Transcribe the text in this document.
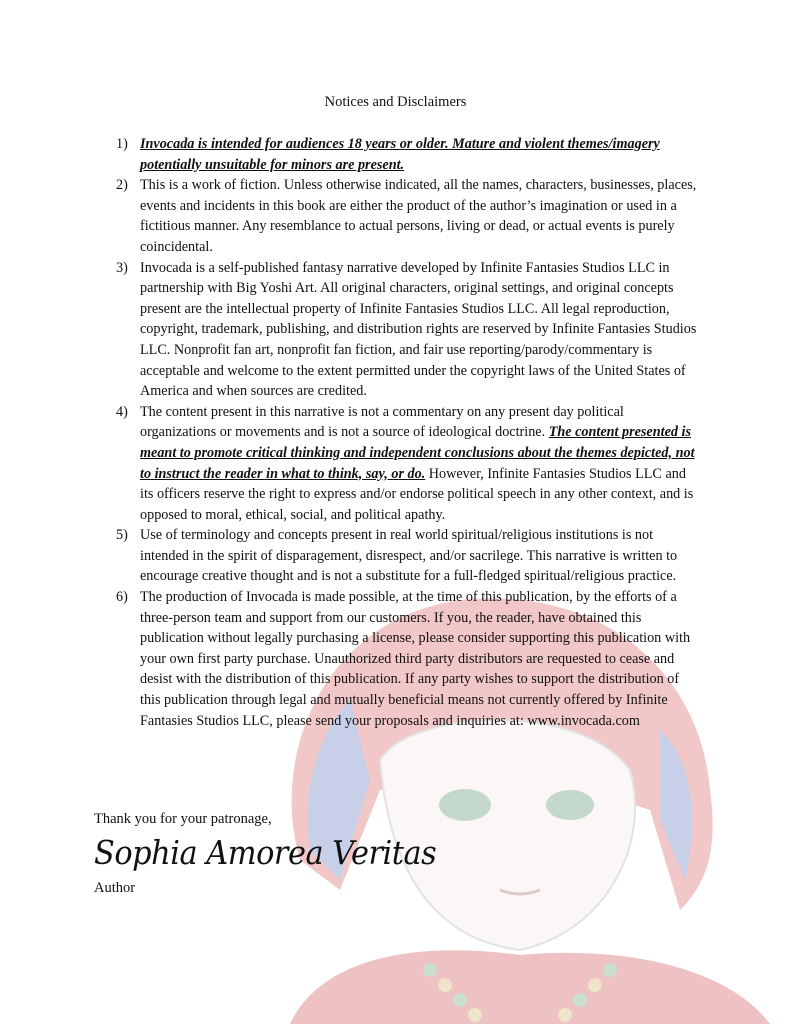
Notices and Disclaimers
1) Invocada is intended for audiences 18 years or older. Mature and violent themes/imagery potentially unsuitable for minors are present.
2) This is a work of fiction. Unless otherwise indicated, all the names, characters, businesses, places, events and incidents in this book are either the product of the author’s imagination or used in a fictitious manner. Any resemblance to actual persons, living or dead, or actual events is purely coincidental.
3) Invocada is a self-published fantasy narrative developed by Infinite Fantasies Studios LLC in partnership with Big Yoshi Art. All original characters, original settings, and original concepts present are the intellectual property of Infinite Fantasies Studios LLC. All legal reproduction, copyright, trademark, publishing, and distribution rights are reserved by Infinite Fantasies Studios LLC. Nonprofit fan art, nonprofit fan fiction, and fair use reporting/parody/commentary is acceptable and welcome to the extent permitted under the copyright laws of the United States of America and when sources are credited.
4) The content present in this narrative is not a commentary on any present day political organizations or movements and is not a source of ideological doctrine. The content presented is meant to promote critical thinking and independent conclusions about the themes depicted, not to instruct the reader in what to think, say, or do. However, Infinite Fantasies Studios LLC and its officers reserve the right to express and/or endorse political speech in any other context, and is opposed to moral, ethical, social, and political apathy.
5) Use of terminology and concepts present in real world spiritual/religious institutions is not intended in the spirit of disparagement, disrespect, and/or sacrilege. This narrative is written to encourage creative thought and is not a substitute for a full-fledged spiritual/religious practice.
6) The production of Invocada is made possible, at the time of this publication, by the efforts of a three-person team and support from our customers. If you, the reader, have obtained this publication without legally purchasing a license, please consider supporting this publication with your own first party purchase. Unauthorized third party distributors are requested to cease and desist with the distribution of this publication. If any party wishes to support the distribution of this publication through legal and mutually beneficial means not currently offered by Infinite Fantasies Studios LLC, please send your proposals and inquiries at: www.invocada.com
Thank you for your patronage,
Sophia Amorea Veritas
Author
